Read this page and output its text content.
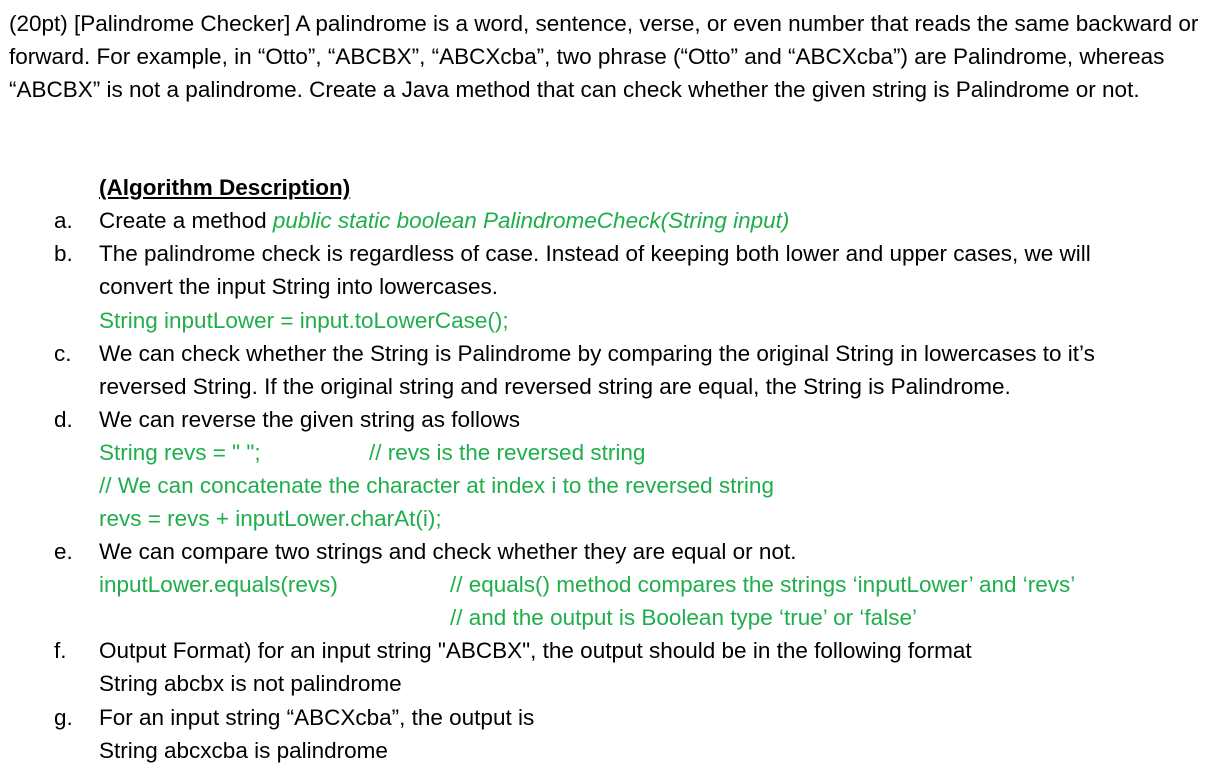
(20pt) [Palindrome Checker] A palindrome is a word, sentence, verse, or even number that reads the same backward or forward. For example, in “Otto”, “ABCBX”, “ABCXcba”, two phrase (“Otto” and “ABCXcba”) are Palindrome, whereas “ABCBX” is not a palindrome. Create a Java method that can check whether the given string is Palindrome or not.
(Algorithm Description)
a. Create a method public static boolean PalindromeCheck(String input)
b. The palindrome check is regardless of case. Instead of keeping both lower and upper cases, we will
convert the input String into lowercases.
String inputLower = input.toLowerCase();
c. We can check whether the String is Palindrome by comparing the original String in lowercases to it’s
reversed String. If the original string and reversed string are equal, the String is Palindrome.
d. We can reverse the given string as follows
String revs = " ";	// revs is the reversed string
// We can concatenate the character at index i to the reversed string
revs = revs + inputLower.charAt(i);
e. We can compare two strings and check whether they are equal or not.
inputLower.equals(revs)	// equals() method compares the strings ‘inputLower’ and ‘revs’
// and the output is Boolean type ‘true’ or ‘false’
f. Output Format) for an input string "ABCBX", the output should be in the following format
String abcbx is not palindrome
g. For an input string “ABCXcba”, the output is
String abcxcba is palindrome
